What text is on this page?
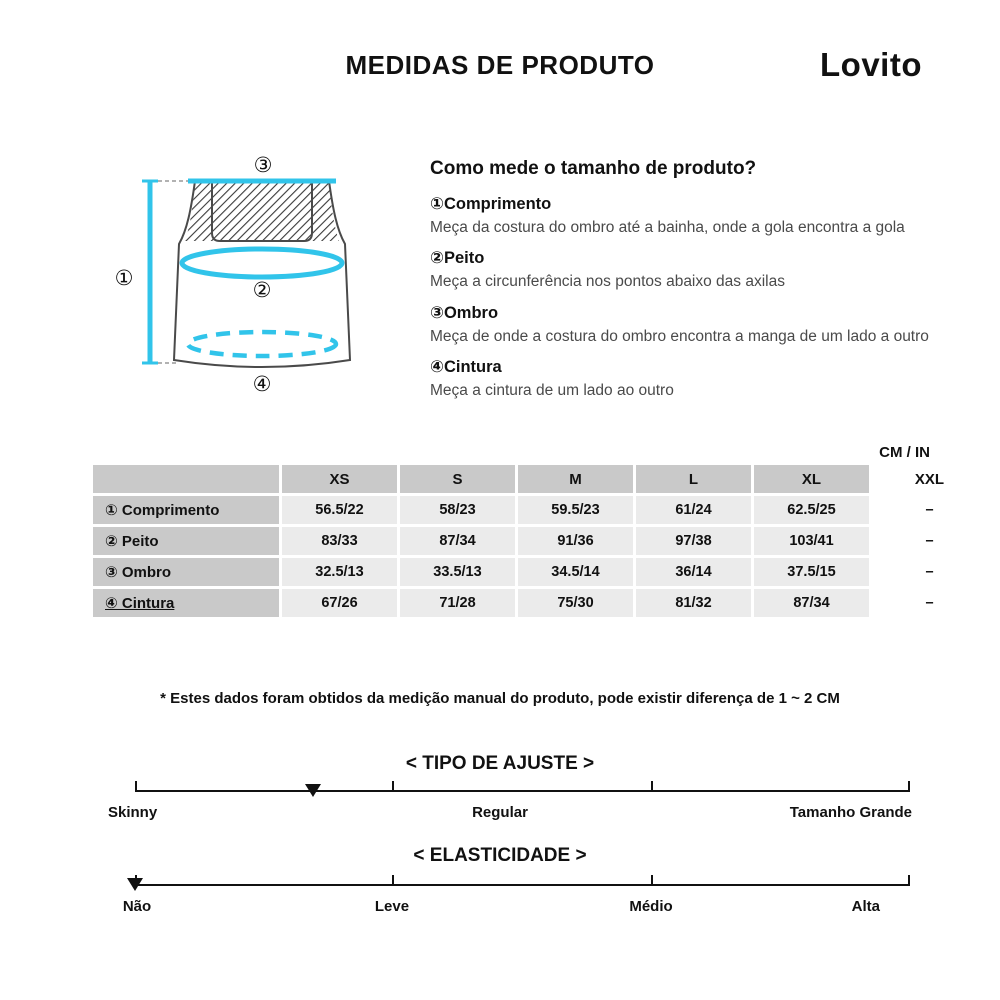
MEDIDAS DE PRODUTO	Lovito
①	②
③
④
Como mede o tamanho de produto?
①Comprimento
Meça da costura do ombro até a bainha, onde a gola encontra a gola
②Peito
Meça a circunferência nos pontos abaixo das axilas
③Ombro
Meça de onde a costura do ombro encontra a manga de um lado a outro
④Cintura
Meça a cintura de um lado ao outro
CM / IN
	XS	S	M	L	XL	XXL
① Comprimento	56.5/22	58/23	59.5/23	61/24	62.5/25	–
② Peito	83/33	87/34	91/36	97/38	103/41	–
③ Ombro	32.5/13	33.5/13	34.5/14	36/14	37.5/15	–
④ Cintura	67/26	71/28	75/30	81/32	87/34	–
* Estes dados foram obtidos da medição manual do produto, pode existir diferença de 1 ~ 2 CM
< TIPO DE AJUSTE >
Skinny	Regular	Tamanho Grande
< ELASTICIDADE >
Não	Leve	Médio	Alta
